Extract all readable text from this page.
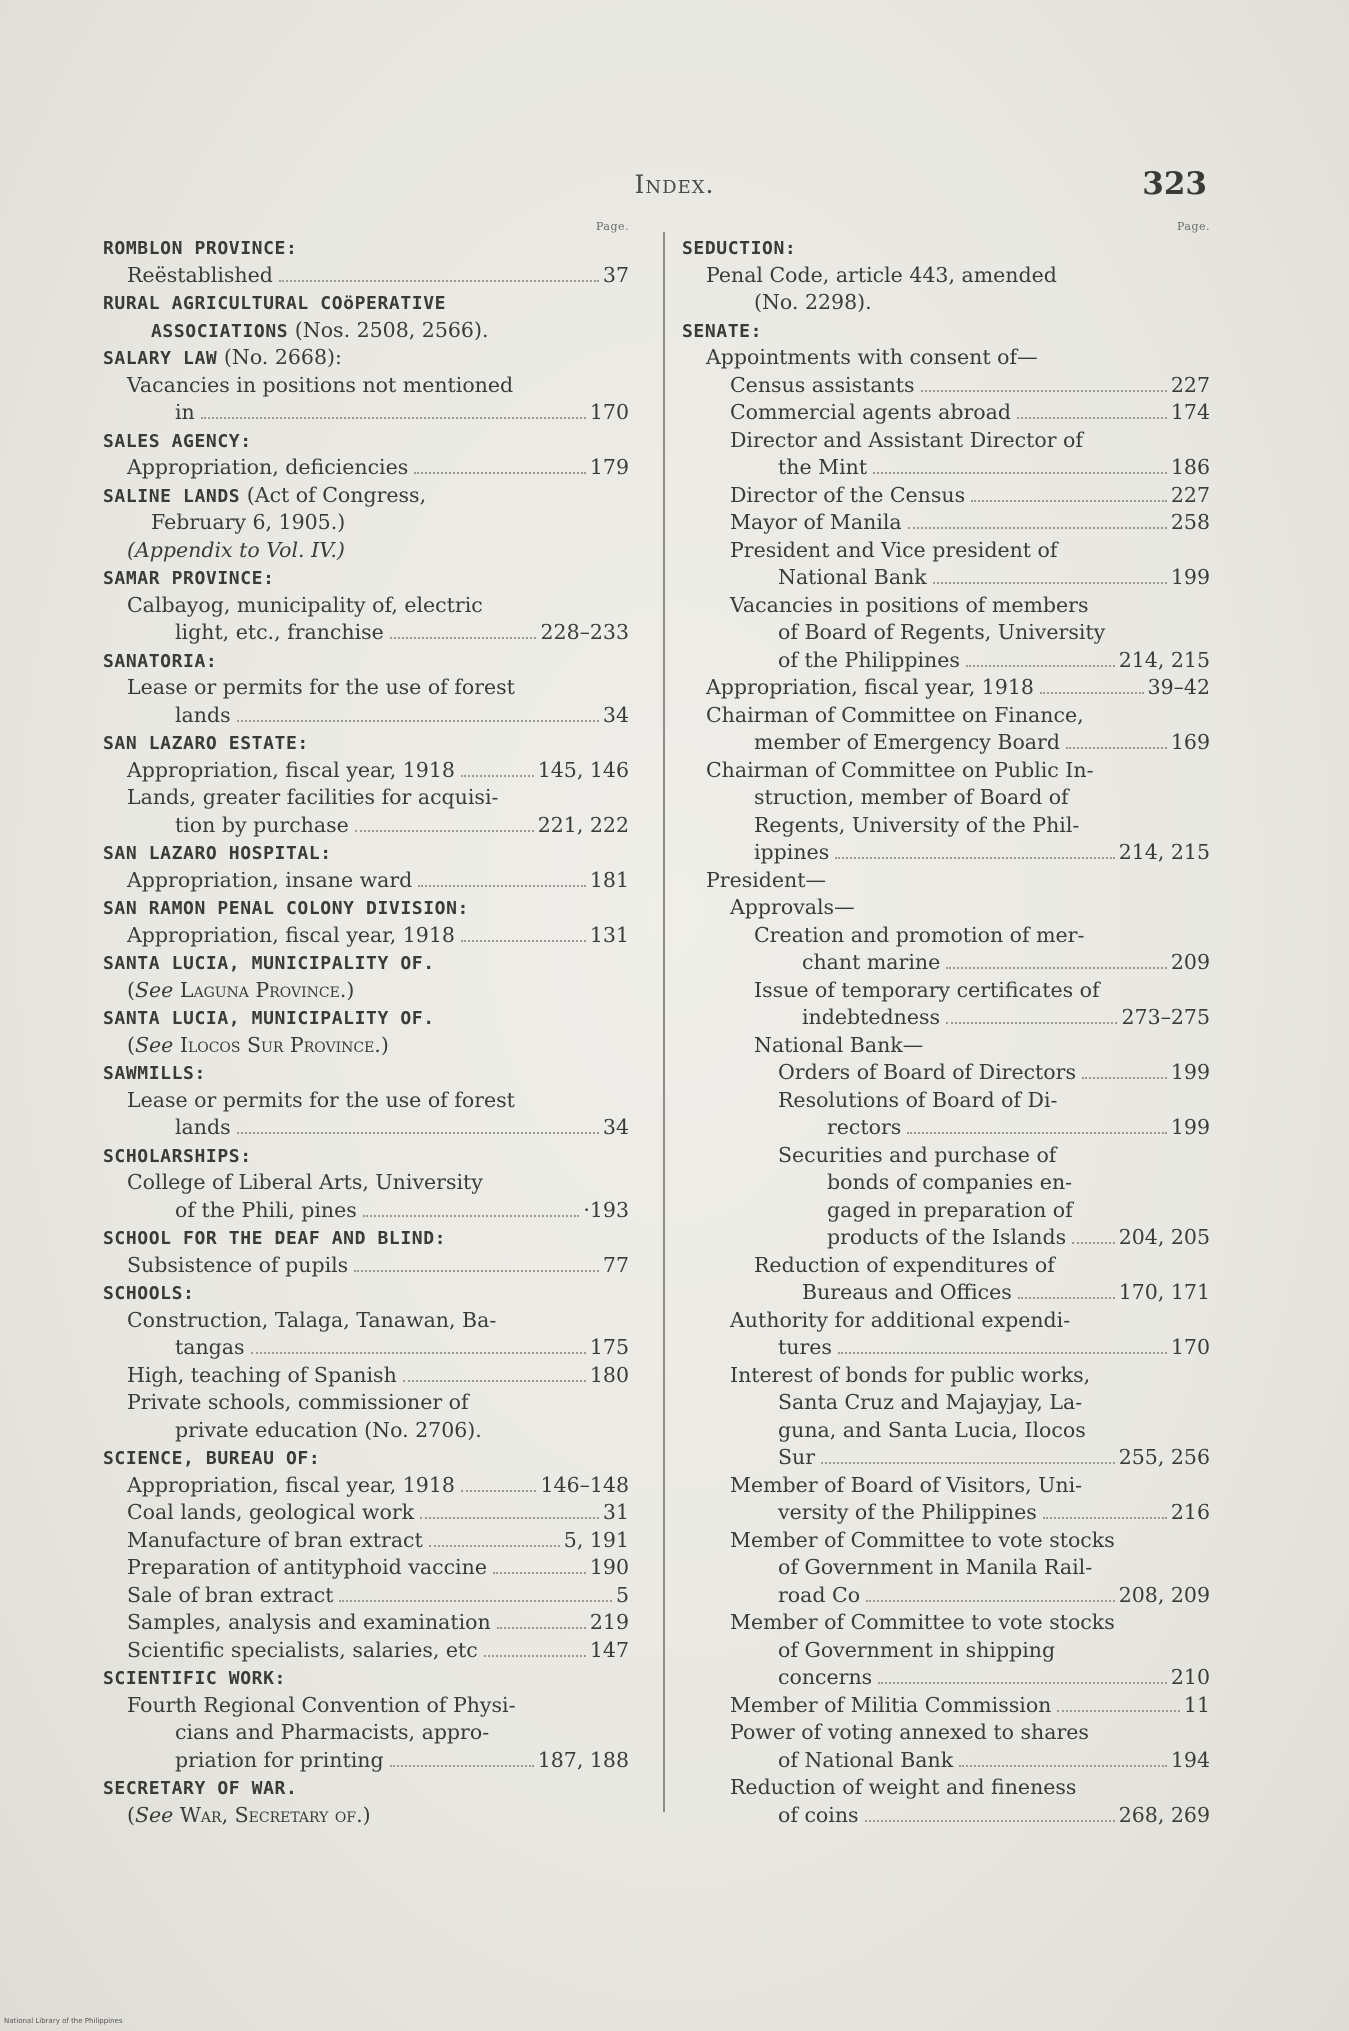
Index.	323
Page.
ROMBLON PROVINCE:
Reëstablished	37
RURAL AGRICULTURAL COöPERATIVE
ASSOCIATIONS (Nos. 2508, 2566).
SALARY LAW (No. 2668):
Vacancies in positions not mentioned
in	170
SALES AGENCY:
Appropriation, deficiencies	179
SALINE LANDS (Act of Congress,
February 6, 1905.)
(Appendix to Vol. IV.)
SAMAR PROVINCE:
Calbayog, municipality of, electric
light, etc., franchise	228–233
SANATORIA:
Lease or permits for the use of forest
lands	34
SAN LAZARO ESTATE:
Appropriation, fiscal year, 1918	145, 146
Lands, greater facilities for acquisi-
tion by purchase	221, 222
SAN LAZARO HOSPITAL:
Appropriation, insane ward	181
SAN RAMON PENAL COLONY DIVISION:
Appropriation, fiscal year, 1918	131
SANTA LUCIA, MUNICIPALITY OF.
(See Laguna Province.)
SANTA LUCIA, MUNICIPALITY OF.
(See Ilocos Sur Province.)
SAWMILLS:
Lease or permits for the use of forest
lands	34
SCHOLARSHIPS:
College of Liberal Arts, University
of the Phili, pines	·193
SCHOOL FOR THE DEAF AND BLIND:
Subsistence of pupils	77
SCHOOLS:
Construction, Talaga, Tanawan, Ba-
tangas	175
High, teaching of Spanish	180
Private schools, commissioner of
private education (No. 2706).
SCIENCE, BUREAU OF:
Appropriation, fiscal year, 1918	146–148
Coal lands, geological work	31
Manufacture of bran extract	5, 191
Preparation of antityphoid vaccine	190
Sale of bran extract	5
Samples, analysis and examination	219
Scientific specialists, salaries, etc	147
SCIENTIFIC WORK:
Fourth Regional Convention of Physi-
cians and Pharmacists, appro-
priation for printing	187, 188
SECRETARY OF WAR.
(See War, Secretary of.)
Page.
SEDUCTION:
Penal Code, article 443, amended
(No. 2298).
SENATE:
Appointments with consent of—
Census assistants	227
Commercial agents abroad	174
Director and Assistant Director of
the Mint	186
Director of the Census	227
Mayor of Manila	258
President and Vice president of
National Bank	199
Vacancies in positions of members
of Board of Regents, University
of the Philippines	214, 215
Appropriation, fiscal year, 1918	39–42
Chairman of Committee on Finance,
member of Emergency Board	169
Chairman of Committee on Public In-
struction, member of Board of
Regents, University of the Phil-
ippines	214, 215
President—
Approvals—
Creation and promotion of mer-
chant marine	209
Issue of temporary certificates of
indebtedness	273–275
National Bank—
Orders of Board of Directors	199
Resolutions of Board of Di-
rectors	199
Securities and purchase of
bonds of companies en-
gaged in preparation of
products of the Islands	204, 205
Reduction of expenditures of
Bureaus and Offices	170, 171
Authority for additional expendi-
tures	170
Interest of bonds for public works,
Santa Cruz and Majayjay, La-
guna, and Santa Lucia, Ilocos
Sur	255, 256
Member of Board of Visitors, Uni-
versity of the Philippines	216
Member of Committee to vote stocks
of Government in Manila Rail-
road Co	208, 209
Member of Committee to vote stocks
of Government in shipping
concerns	210
Member of Militia Commission	11
Power of voting annexed to shares
of National Bank	194
Reduction of weight and fineness
of coins	268, 269
National Library of the Philippines
